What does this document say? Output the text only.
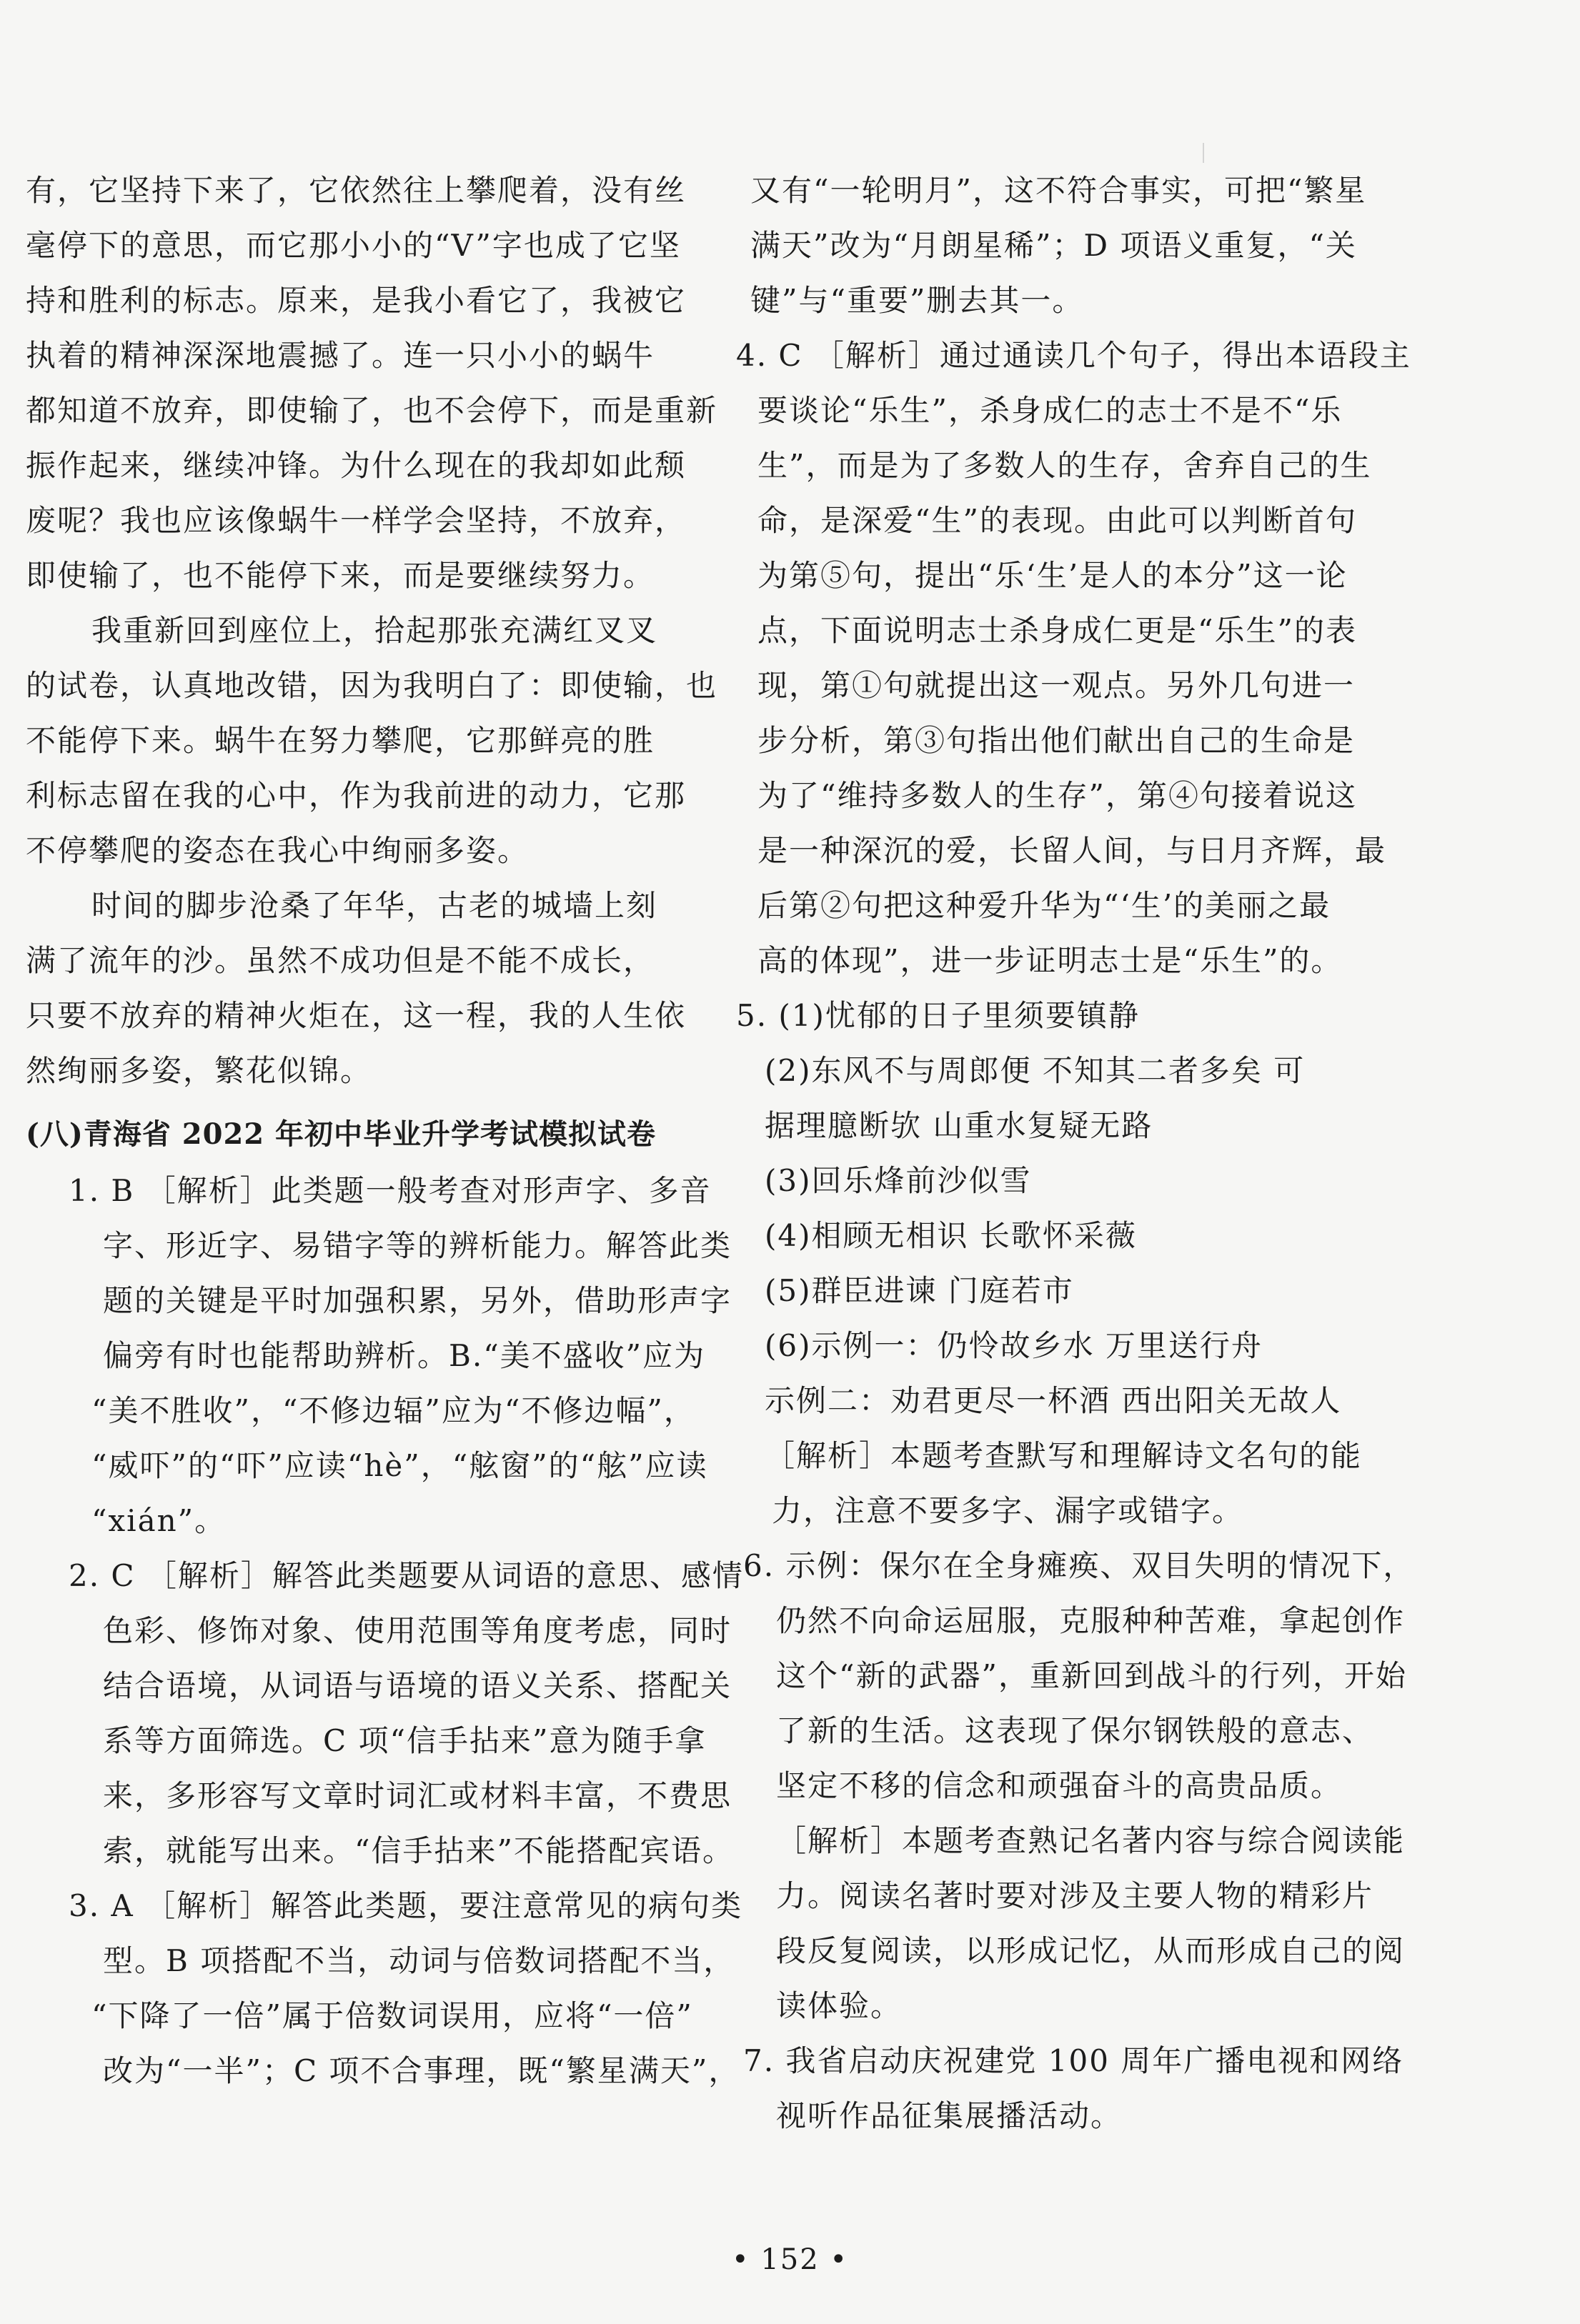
有，它坚持下来了，它依然往上攀爬着，没有丝
毫停下的意思，而它那小小的“V”字也成了它坚
持和胜利的标志。原来，是我小看它了，我被它
执着的精神深深地震撼了。连一只小小的蜗牛
都知道不放弃，即使输了，也不会停下，而是重新
振作起来，继续冲锋。为什么现在的我却如此颓
废呢？我也应该像蜗牛一样学会坚持，不放弃，
即使输了，也不能停下来，而是要继续努力。
我重新回到座位上，拾起那张充满红叉叉
的试卷，认真地改错，因为我明白了：即使输，也
不能停下来。蜗牛在努力攀爬，它那鲜亮的胜
利标志留在我的心中，作为我前进的动力，它那
不停攀爬的姿态在我心中绚丽多姿。
时间的脚步沧桑了年华，古老的城墙上刻
满了流年的沙。虽然不成功但是不能不成长，
只要不放弃的精神火炬在，这一程，我的人生依
然绚丽多姿，繁花似锦。
(八)青海省 2022 年初中毕业升学考试模拟试卷
1. B ［解析］此类题一般考查对形声字、多音
字、形近字、易错字等的辨析能力。解答此类
题的关键是平时加强积累，另外，借助形声字
偏旁有时也能帮助辨析。B.“美不盛收”应为
“美不胜收”，“不修边辐”应为“不修边幅”，
“威吓”的“吓”应读“hè”，“舷窗”的“舷”应读
“xián”。
2. C ［解析］解答此类题要从词语的意思、感情
色彩、修饰对象、使用范围等角度考虑，同时
结合语境，从词语与语境的语义关系、搭配关
系等方面筛选。C 项“信手拈来”意为随手拿
来，多形容写文章时词汇或材料丰富，不费思
索，就能写出来。“信手拈来”不能搭配宾语。
3. A ［解析］解答此类题，要注意常见的病句类
型。B 项搭配不当，动词与倍数词搭配不当，
“下降了一倍”属于倍数词误用，应将“一倍”
改为“一半”；C 项不合事理，既“繁星满天”，
又有“一轮明月”，这不符合事实，可把“繁星
满天”改为“月朗星稀”；D 项语义重复，“关
键”与“重要”删去其一。
4. C ［解析］通过通读几个句子，得出本语段主
要谈论“乐生”，杀身成仁的志士不是不“乐
生”，而是为了多数人的生存，舍弃自己的生
命，是深爱“生”的表现。由此可以判断首句
为第⑤句，提出“乐‘生’是人的本分”这一论
点，下面说明志士杀身成仁更是“乐生”的表
现，第①句就提出这一观点。另外几句进一
步分析，第③句指出他们献出自己的生命是
为了“维持多数人的生存”，第④句接着说这
是一种深沉的爱，长留人间，与日月齐辉，最
后第②句把这种爱升华为“‘生’的美丽之最
高的体现”，进一步证明志士是“乐生”的。
5. (1)忧郁的日子里须要镇静
(2)东风不与周郎便 不知其二者多矣 可
据理臆断欤 山重水复疑无路
(3)回乐烽前沙似雪
(4)相顾无相识 长歌怀采薇
(5)群臣进谏 门庭若市
(6)示例一：仍怜故乡水 万里送行舟
示例二：劝君更尽一杯酒 西出阳关无故人
［解析］本题考查默写和理解诗文名句的能
力，注意不要多字、漏字或错字。
6. 示例：保尔在全身瘫痪、双目失明的情况下，
仍然不向命运屈服，克服种种苦难，拿起创作
这个“新的武器”，重新回到战斗的行列，开始
了新的生活。这表现了保尔钢铁般的意志、
坚定不移的信念和顽强奋斗的高贵品质。
［解析］本题考查熟记名著内容与综合阅读能
力。阅读名著时要对涉及主要人物的精彩片
段反复阅读，以形成记忆，从而形成自己的阅
读体验。
7. 我省启动庆祝建党 100 周年广播电视和网络
视听作品征集展播活动。
• 152 •
